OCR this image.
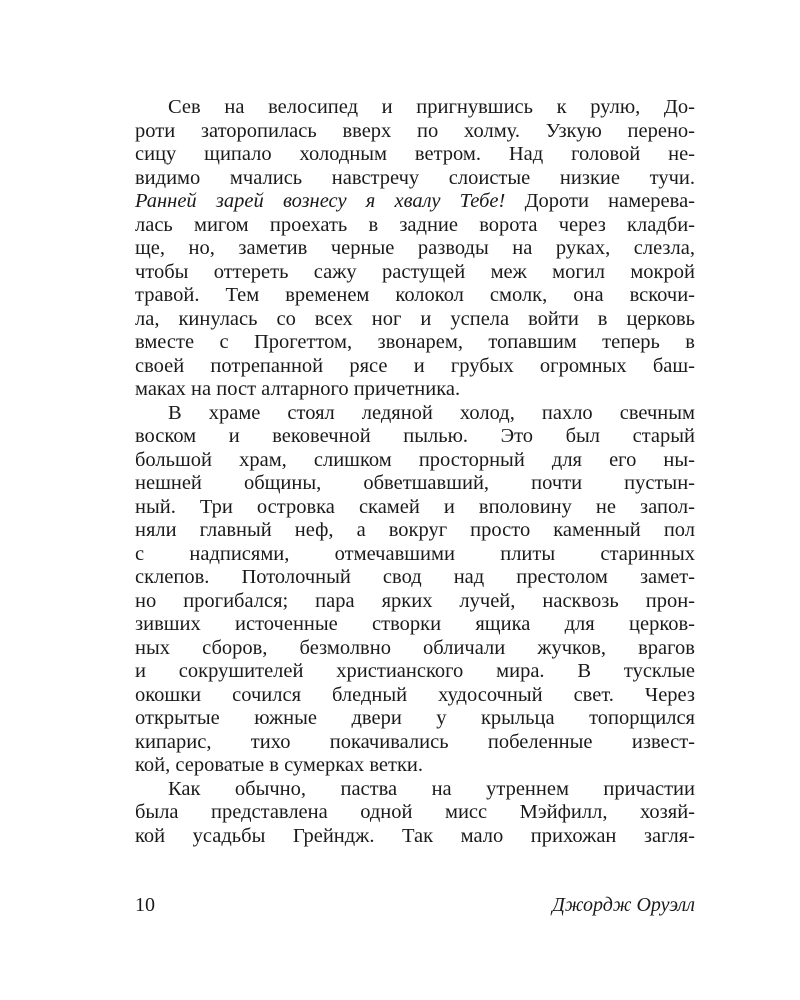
Сев на велосипед и пригнувшись к рулю, До-
роти заторопилась вверх по холму. Узкую перено-
сицу щипало холодным ветром. Над головой не-
видимо мчались навстречу слоистые низкие тучи.
Ранней зарей вознесу я хвалу Тебе! Дороти намерева-
лась мигом проехать в задние ворота через кладби-
ще, но, заметив черные разводы на руках, слезла,
чтобы оттереть сажу растущей меж могил мокрой
травой. Тем временем колокол смолк, она вскочи-
ла, кинулась со всех ног и успела войти в церковь
вместе с Прогеттом, звонарем, топавшим теперь в
своей потрепанной рясе и грубых огромных баш-
маках на пост алтарного причетника.
В храме стоял ледяной холод, пахло свечным
воском и вековечной пылью. Это был старый
большой храм, слишком просторный для его ны-
нешней общины, обветшавший, почти пустын-
ный. Три островка скамей и вполовину не запол-
няли главный неф, а вокруг просто каменный пол
с надписями, отмечавшими плиты старинных
склепов. Потолочный свод над престолом замет-
но прогибался; пара ярких лучей, насквозь прон-
зивших источенные створки ящика для церков-
ных сборов, безмолвно обличали жучков, врагов
и сокрушителей христианского мира. В тусклые
окошки сочился бледный худосочный свет. Через
открытые южные двери у крыльца топорщился
кипарис, тихо покачивались побеленные извест-
кой, сероватые в сумерках ветки.
Как обычно, паства на утреннем причастии
была представлена одной мисс Мэйфилл, хозяй-
кой усадьбы Грейндж. Так мало прихожан загля-
10	Джордж Оруэлл
